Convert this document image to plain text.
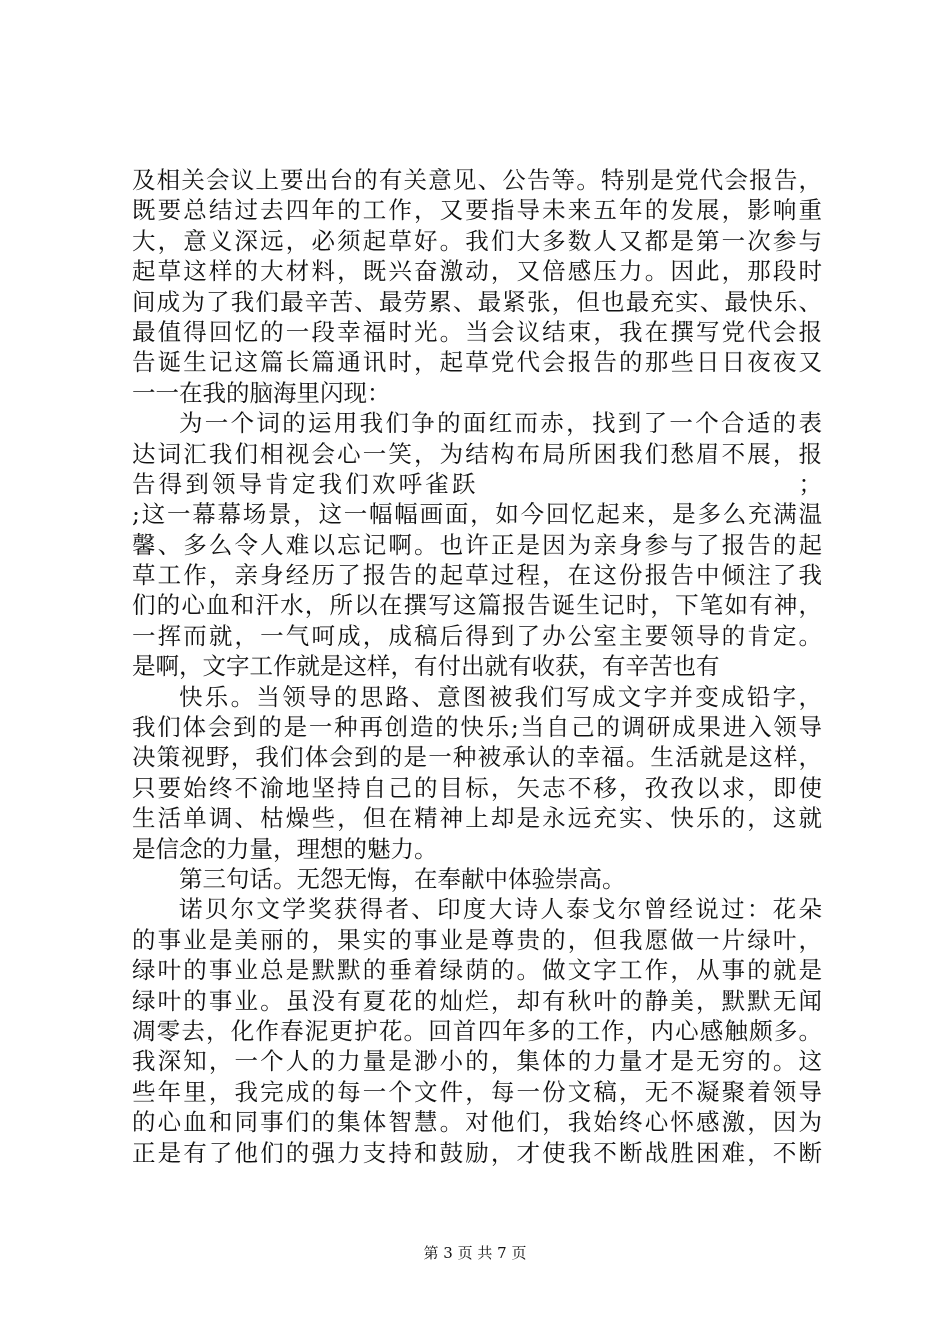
及相关会议上要出台的有关意见、公告等。特别是党代会报告，
既要总结过去四年的工作，又要指导未来五年的发展，影响重
大，意义深远，必须起草好。我们大多数人又都是第一次参与
起草这样的大材料，既兴奋激动，又倍感压力。因此，那段时
间成为了我们最辛苦、最劳累、最紧张，但也最充实、最快乐、
最值得回忆的一段幸福时光。当会议结束，我在撰写党代会报
告诞生记这篇长篇通讯时，起草党代会报告的那些日日夜夜又
一一在我的脑海里闪现：
为一个词的运用我们争的面红而赤，找到了一个合适的表
达词汇我们相视会心一笑，为结构布局所困我们愁眉不展，报
告得到领导肯定我们欢呼雀跃　　　　　　　　　　　　；
;这一幕幕场景，这一幅幅画面，如今回忆起来，是多么充满温
馨、多么令人难以忘记啊。也许正是因为亲身参与了报告的起
草工作，亲身经历了报告的起草过程，在这份报告中倾注了我
们的心血和汗水，所以在撰写这篇报告诞生记时，下笔如有神，
一挥而就，一气呵成，成稿后得到了办公室主要领导的肯定。
是啊，文字工作就是这样，有付出就有收获，有辛苦也有
快乐。当领导的思路、意图被我们写成文字并变成铅字，
我们体会到的是一种再创造的快乐;当自己的调研成果进入领导
决策视野，我们体会到的是一种被承认的幸福。生活就是这样，
只要始终不渝地坚持自己的目标，矢志不移，孜孜以求，即使
生活单调、枯燥些，但在精神上却是永远充实、快乐的，这就
是信念的力量，理想的魅力。
第三句话。无怨无悔，在奉献中体验崇高。
诺贝尔文学奖获得者、印度大诗人泰戈尔曾经说过：花朵
的事业是美丽的，果实的事业是尊贵的，但我愿做一片绿叶，
绿叶的事业总是默默的垂着绿荫的。做文字工作，从事的就是
绿叶的事业。虽没有夏花的灿烂，却有秋叶的静美，默默无闻
凋零去，化作春泥更护花。回首四年多的工作，内心感触颇多。
我深知，一个人的力量是渺小的，集体的力量才是无穷的。这
些年里，我完成的每一个文件，每一份文稿，无不凝聚着领导
的心血和同事们的集体智慧。对他们，我始终心怀感激，因为
正是有了他们的强力支持和鼓励，才使我不断战胜困难，不断
第 3 页 共 7 页
